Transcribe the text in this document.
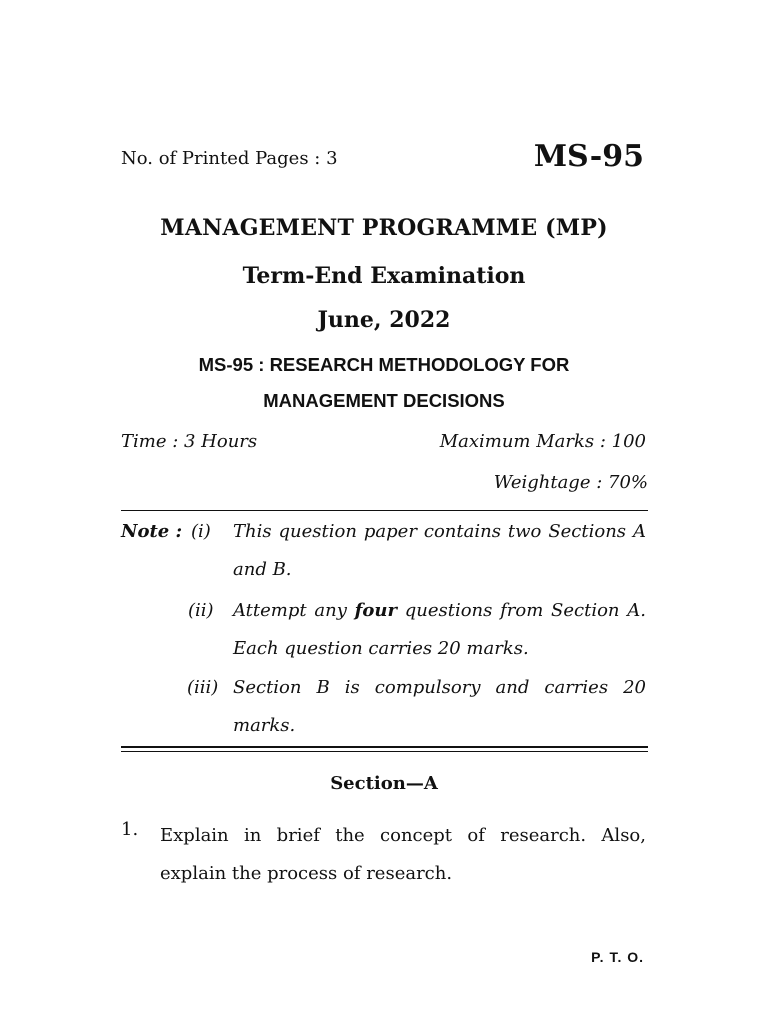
No. of Printed Pages : 3	MS-95
MANAGEMENT PROGRAMME (MP)
Term-End Examination
June, 2022
MS-95 : RESEARCH METHODOLOGY FOR
MANAGEMENT DECISIONS
Time : 3 Hours	Maximum Marks : 100
Weightage : 70%
Note : (i) This question paper contains two Sections A and B.
(ii) Attempt any four questions from Section A. Each question carries 20 marks.
(iii) Section B is compulsory and carries 20 marks.
Section—A
1. Explain in brief the concept of research. Also, explain the process of research.
P. T. O.
